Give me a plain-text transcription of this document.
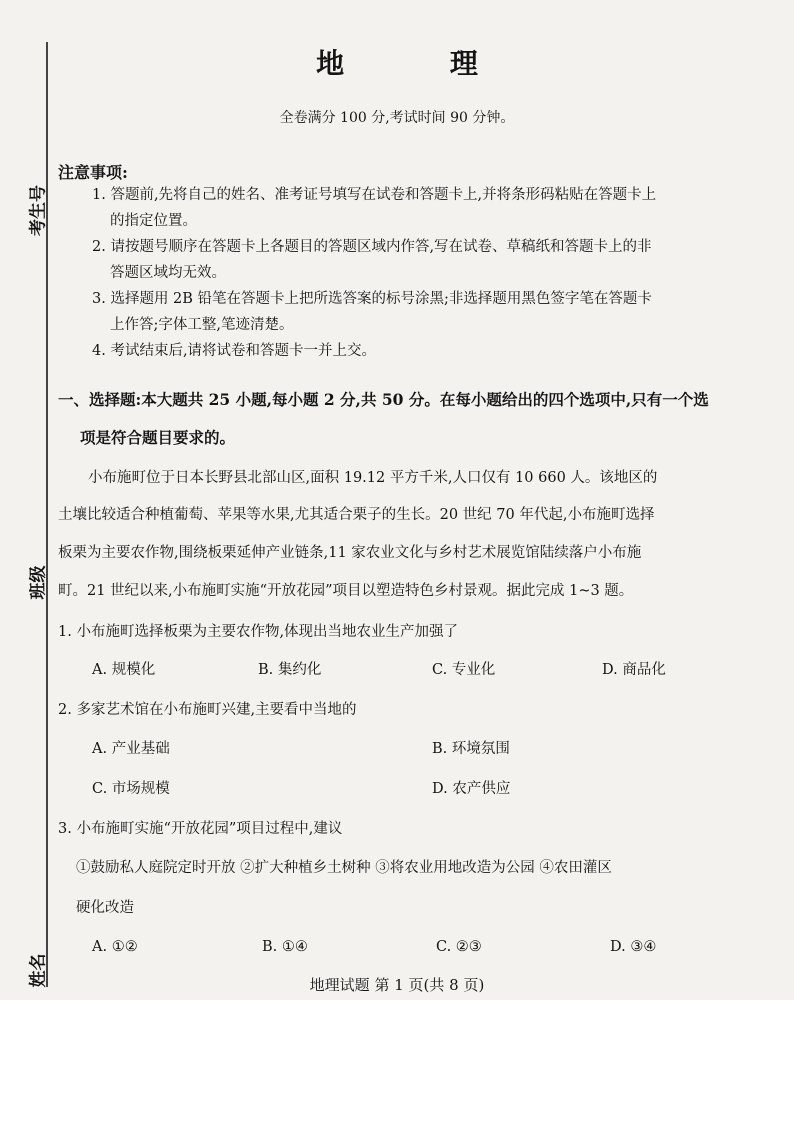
考生号
班级
姓名
地 理
全卷满分 100 分,考试时间 90 分钟。
注意事项:
1. 答题前,先将自己的姓名、准考证号填写在试卷和答题卡上,并将条形码粘贴在答题卡上
的指定位置。
2. 请按题号顺序在答题卡上各题目的答题区域内作答,写在试卷、草稿纸和答题卡上的非
答题区域均无效。
3. 选择题用 2B 铅笔在答题卡上把所选答案的标号涂黑;非选择题用黑色签字笔在答题卡
上作答;字体工整,笔迹清楚。
4. 考试结束后,请将试卷和答题卡一并上交。
一、选择题:本大题共 25 小题,每小题 2 分,共 50 分。在每小题给出的四个选项中,只有一个选
项是符合题目要求的。
小布施町位于日本长野县北部山区,面积 19.12 平方千米,人口仅有 10 660 人。该地区的
土壤比较适合种植葡萄、苹果等水果,尤其适合栗子的生长。20 世纪 70 年代起,小布施町选择
板栗为主要农作物,围绕板栗延伸产业链条,11 家农业文化与乡村艺术展览馆陆续落户小布施
町。21 世纪以来,小布施町实施“开放花园”项目以塑造特色乡村景观。据此完成 1~3 题。
1. 小布施町选择板栗为主要农作物,体现出当地农业生产加强了
A. 规模化	B. 集约化	C. 专业化	D. 商品化
2. 多家艺术馆在小布施町兴建,主要看中当地的
A. 产业基础	B. 环境氛围
C. 市场规模	D. 农产供应
3. 小布施町实施“开放花园”项目过程中,建议
①鼓励私人庭院定时开放 ②扩大种植乡土树种 ③将农业用地改造为公园 ④农田灌区
硬化改造
A. ①②	B. ①④	C. ②③	D. ③④
地理试题 第 1 页(共 8 页)
